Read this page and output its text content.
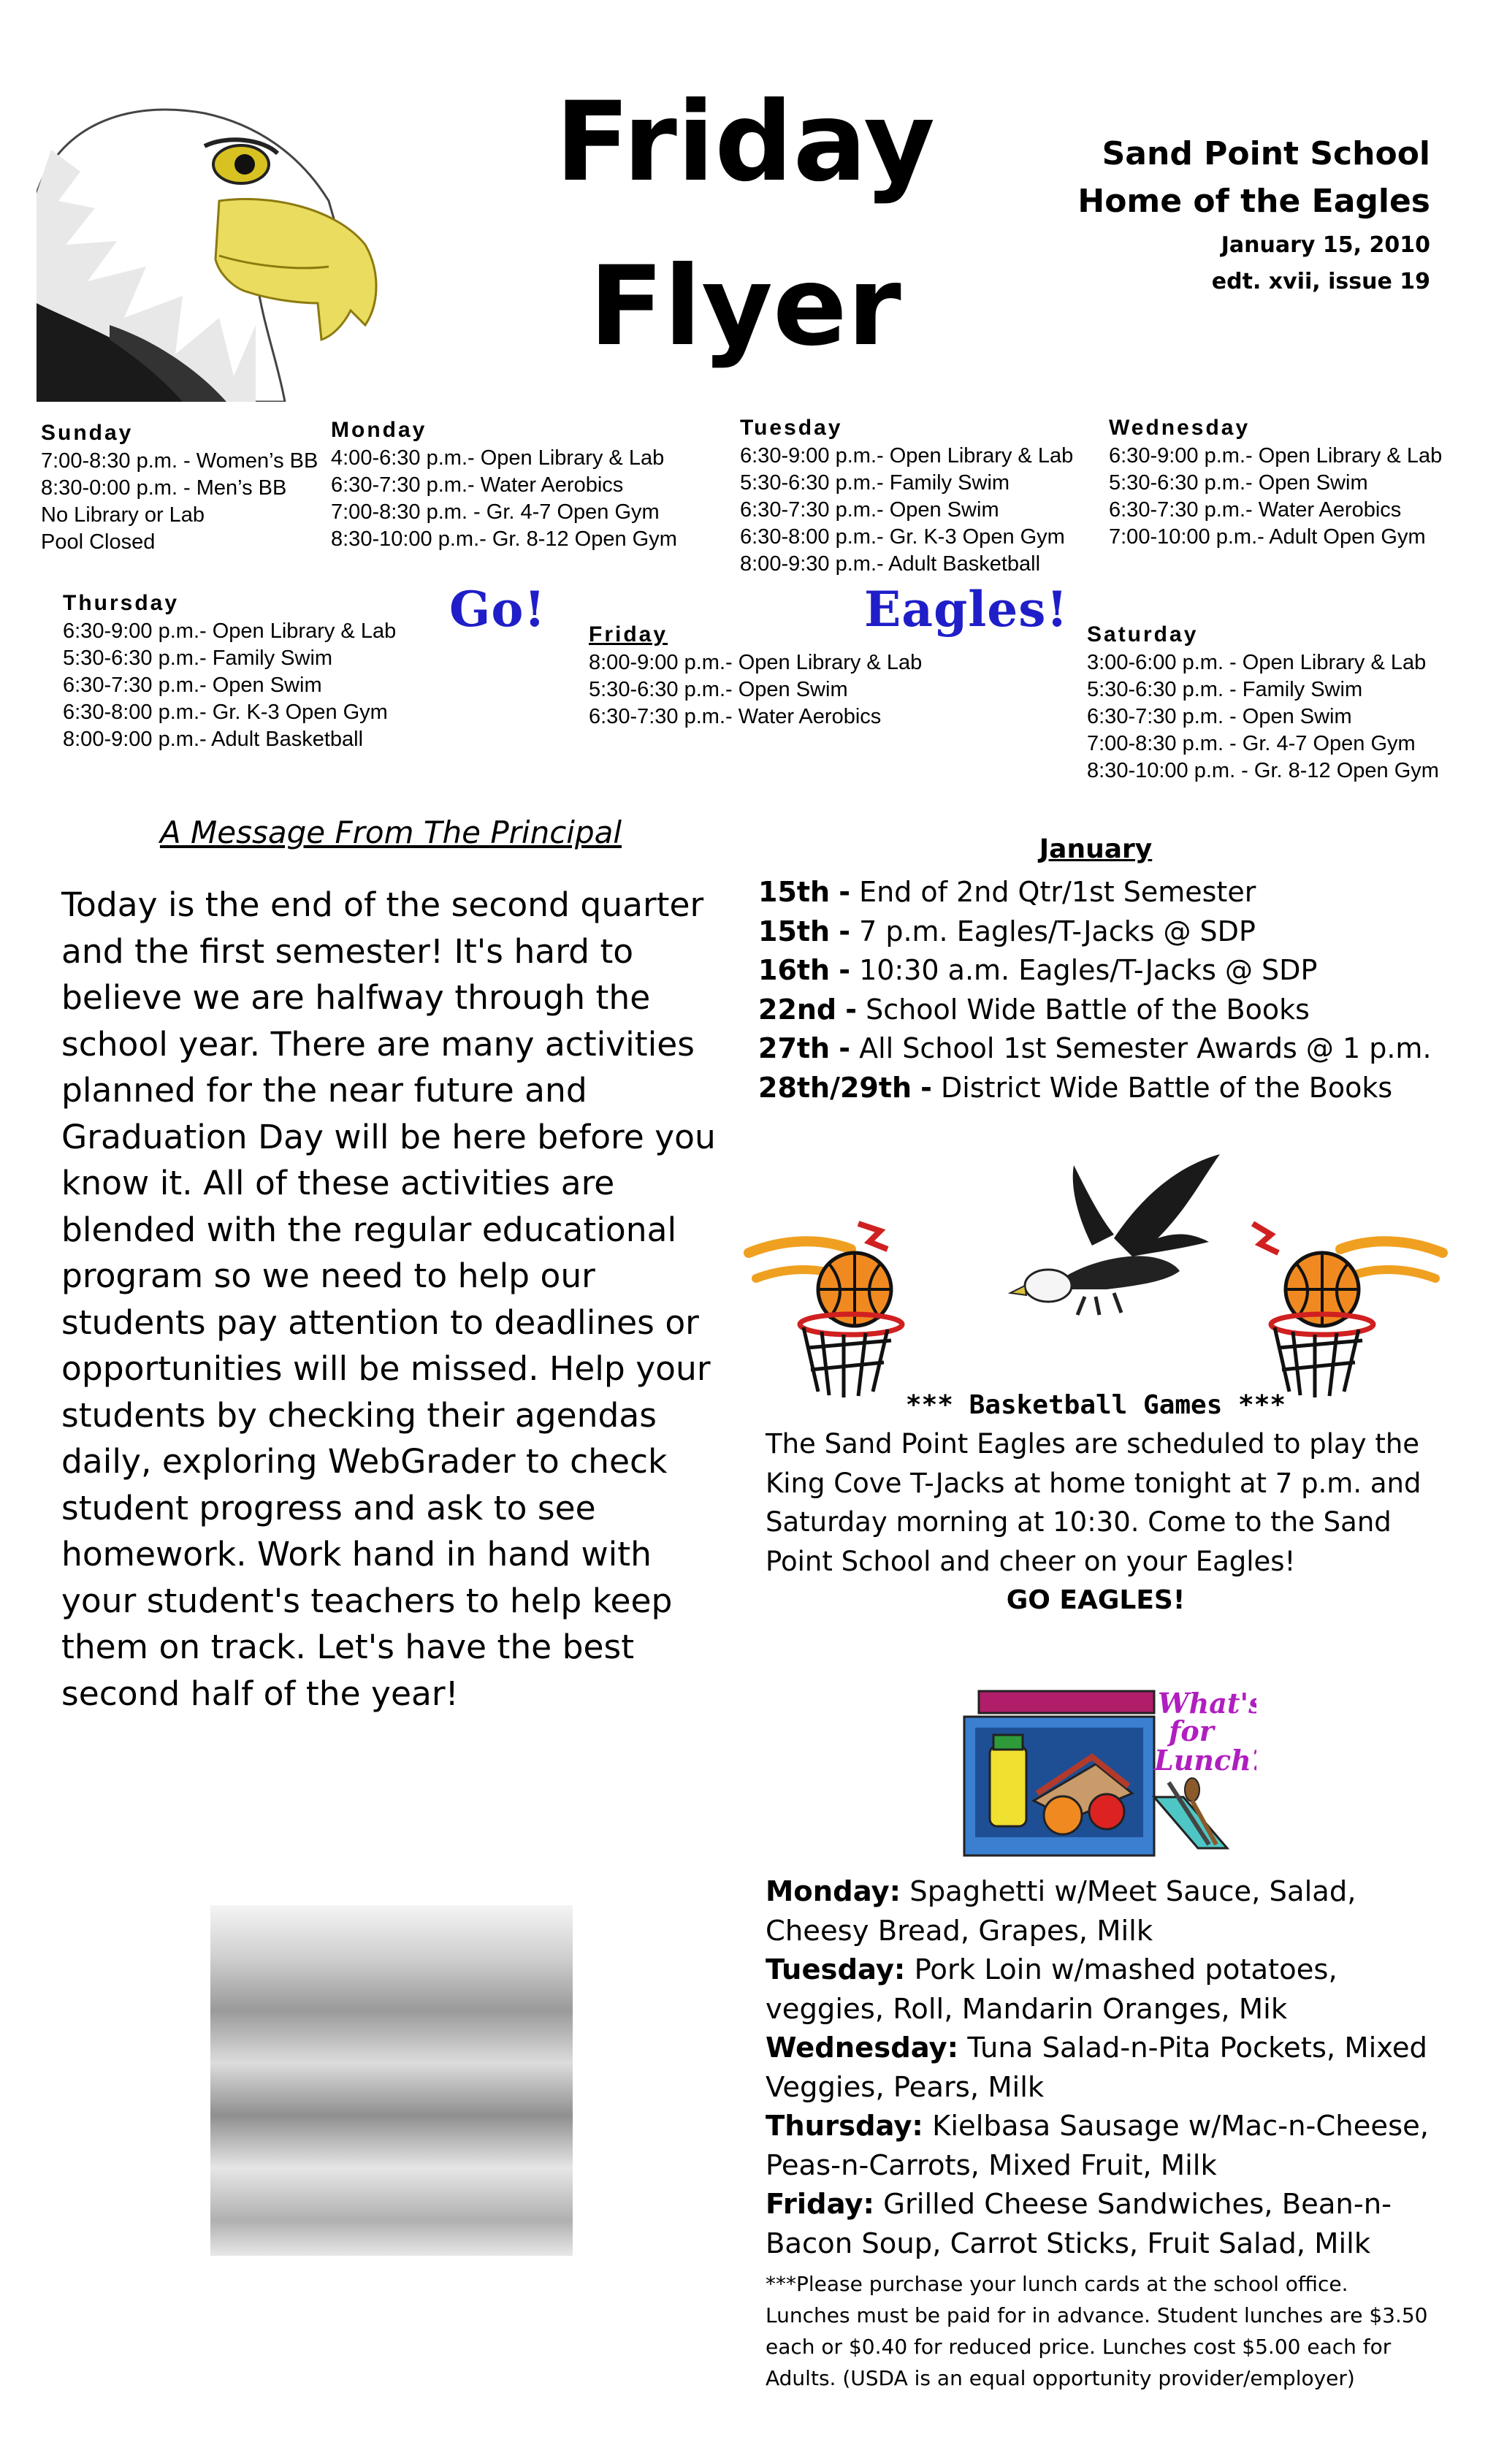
Friday
Flyer
Sand Point School
Home of the Eagles
January 15, 2010
edt. xvii, issue 19
Sunday
7:00-8:30 p.m. - Women’s BB
8:30-0:00 p.m. - Men’s BB
No Library or Lab
Pool Closed
Monday
4:00-6:30 p.m.- Open Library & Lab
6:30-7:30 p.m.- Water Aerobics
7:00-8:30 p.m. - Gr. 4-7 Open Gym
8:30-10:00 p.m.- Gr. 8-12 Open Gym
Tuesday
6:30-9:00 p.m.- Open Library & Lab
5:30-6:30 p.m.- Family Swim
6:30-7:30 p.m.- Open Swim
6:30-8:00 p.m.- Gr. K-3 Open Gym
8:00-9:30 p.m.- Adult Basketball
Wednesday
6:30-9:00 p.m.- Open Library & Lab
5:30-6:30 p.m.- Open Swim
6:30-7:30 p.m.- Water Aerobics
7:00-10:00 p.m.- Adult Open Gym
Thursday
6:30-9:00 p.m.- Open Library & Lab
5:30-6:30 p.m.- Family Swim
6:30-7:30 p.m.- Open Swim
6:30-8:00 p.m.- Gr. K-3 Open Gym
8:00-9:00 p.m.- Adult Basketball
Go!	Eagles!
Friday
8:00-9:00 p.m.- Open Library & Lab
5:30-6:30 p.m.- Open Swim
6:30-7:30 p.m.- Water Aerobics
Saturday
3:00-6:00 p.m. - Open Library & Lab
5:30-6:30 p.m. - Family Swim
6:30-7:30 p.m. - Open Swim
7:00-8:30 p.m. - Gr. 4-7 Open Gym
8:30-10:00 p.m. - Gr. 8-12 Open Gym
A Message From The Principal
Today is the end of the second quarter and the first semester! It's hard to believe we are halfway through the school year. There are many activities planned for the near future and Graduation Day will be here before you know it. All of these activities are blended with the regular educational program so we need to help our students pay attention to deadlines or opportunities will be missed. Help your students by checking their agendas daily, exploring WebGrader to check student progress and ask to see homework. Work hand in hand with your student's teachers to help keep them on track. Let's have the best second half of the year!
January
15th - End of 2nd Qtr/1st Semester
15th - 7 p.m. Eagles/T-Jacks @ SDP
16th - 10:30 a.m. Eagles/T-Jacks @ SDP
22nd - School Wide Battle of the Books
27th - All School 1st Semester Awards @ 1 p.m.
28th/29th - District Wide Battle of the Books
*** Basketball Games ***
The Sand Point Eagles are scheduled to play the King Cove T-Jacks at home tonight at 7 p.m. and Saturday morning at 10:30. Come to the Sand Point School and cheer on your Eagles!
GO EAGLES!
What's
for
Lunch?
Monday: Spaghetti w/Meet Sauce, Salad, Cheesy Bread, Grapes, Milk
Tuesday: Pork Loin w/mashed potatoes, veggies, Roll, Mandarin Oranges, Mik
Wednesday: Tuna Salad-n-Pita Pockets, Mixed Veggies, Pears, Milk
Thursday: Kielbasa Sausage w/Mac-n-Cheese, Peas-n-Carrots, Mixed Fruit, Milk
Friday: Grilled Cheese Sandwiches, Bean-n-Bacon Soup, Carrot Sticks, Fruit Salad, Milk
***Please purchase your lunch cards at the school office. Lunches must be paid for in advance. Student lunches are $3.50 each or $0.40 for reduced price. Lunches cost $5.00 each for Adults. (USDA is an equal opportunity provider/employer)
